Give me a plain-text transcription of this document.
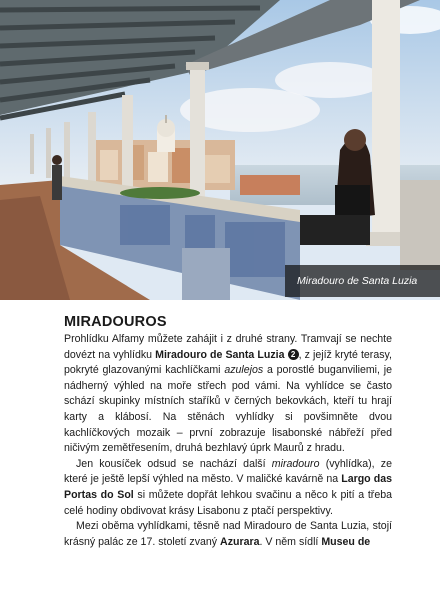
Miradouro de Santa Luzia
MIRADOUROS

Prohlídku Alfamy můžete zahájit i z druhé strany. Tramvají se nechte dovézt na vyhlídku Miradouro de Santa Luzia 2 , z jejíž kryté terasy, pokryté glazovanými kachlíčkami azulejos a porostlé buganviliemi, je nádherný výhled na moře střech pod vámi. Na vyhlídce se často schází skupinky místních staříků v černých bekovkách, kteří tu hrají karty a klábosí. Na stěnách vyhlídky si povšimněte dvou kachlíčkových mozaik – první zobrazuje lisabonské nábřeží před ničivým zemětřesením, druhá bezhlavý úprk Maurů z hradu.

Jen kousíček odsud se nachází další miradouro (vyhlídka), ze které je ještě lepší výhled na město. V maličké kavárně na Largo das Portas do Sol si můžete dopřát lehkou svačinu a něco k pití a třeba celé hodiny obdivovat krásy Lisabonu z ptačí perspektivy.

Mezi oběma vyhlídkami, těsně nad Miradouro de Santa Luzia, stojí krásný palác ze 17. století zvaný Azurara. V něm sídlí Museu de
